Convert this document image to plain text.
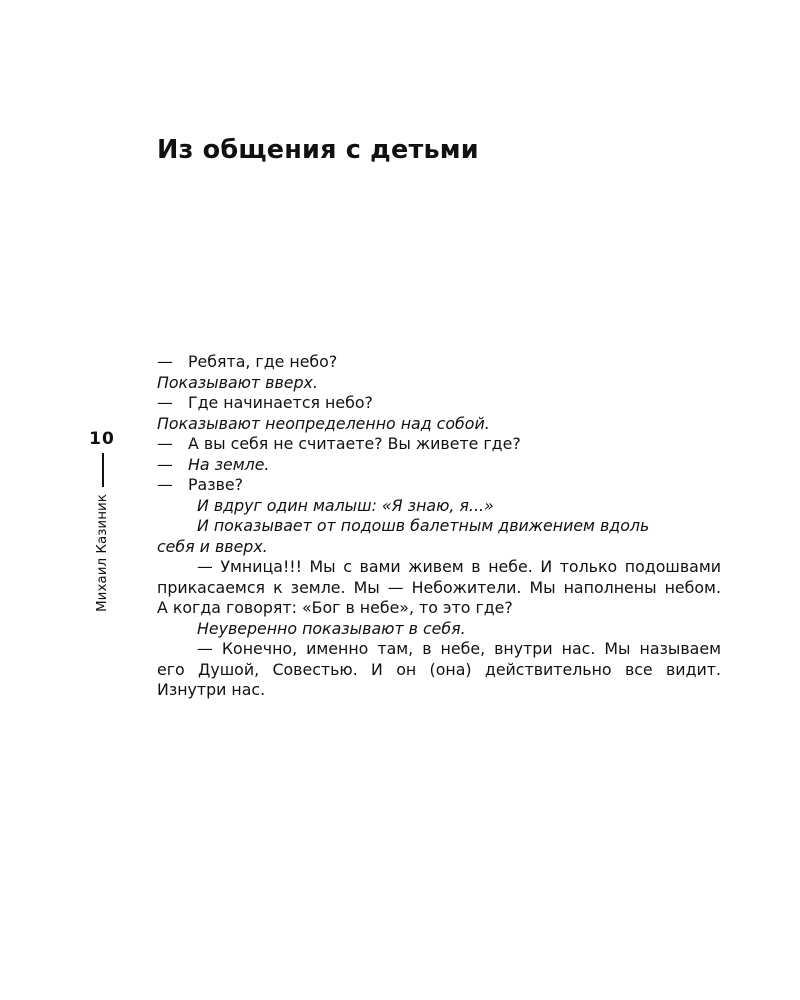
Из общения с детьми
10
Михаил Казиник
— Ребята, где небо?
Показывают вверх.
— Где начинается небо?
Показывают неопределенно над собой.
— А вы себя не считаете? Вы живете где?
— На земле.
— Разве?
И вдруг один малыш: «Я знаю, я...»
И показывает от подошв балетным движением вдоль
себя и вверх.
— Умница!!! Мы с вами живем в небе. И только подошвами
прикасаемся к земле. Мы — Небожители. Мы наполнены небом.
А когда говорят: «Бог в небе», то это где?
Неуверенно показывают в себя.
— Конечно, именно там, в небе, внутри нас. Мы называем
его Душой, Совестью. И он (она) действительно все видит.
Изнутри нас.
